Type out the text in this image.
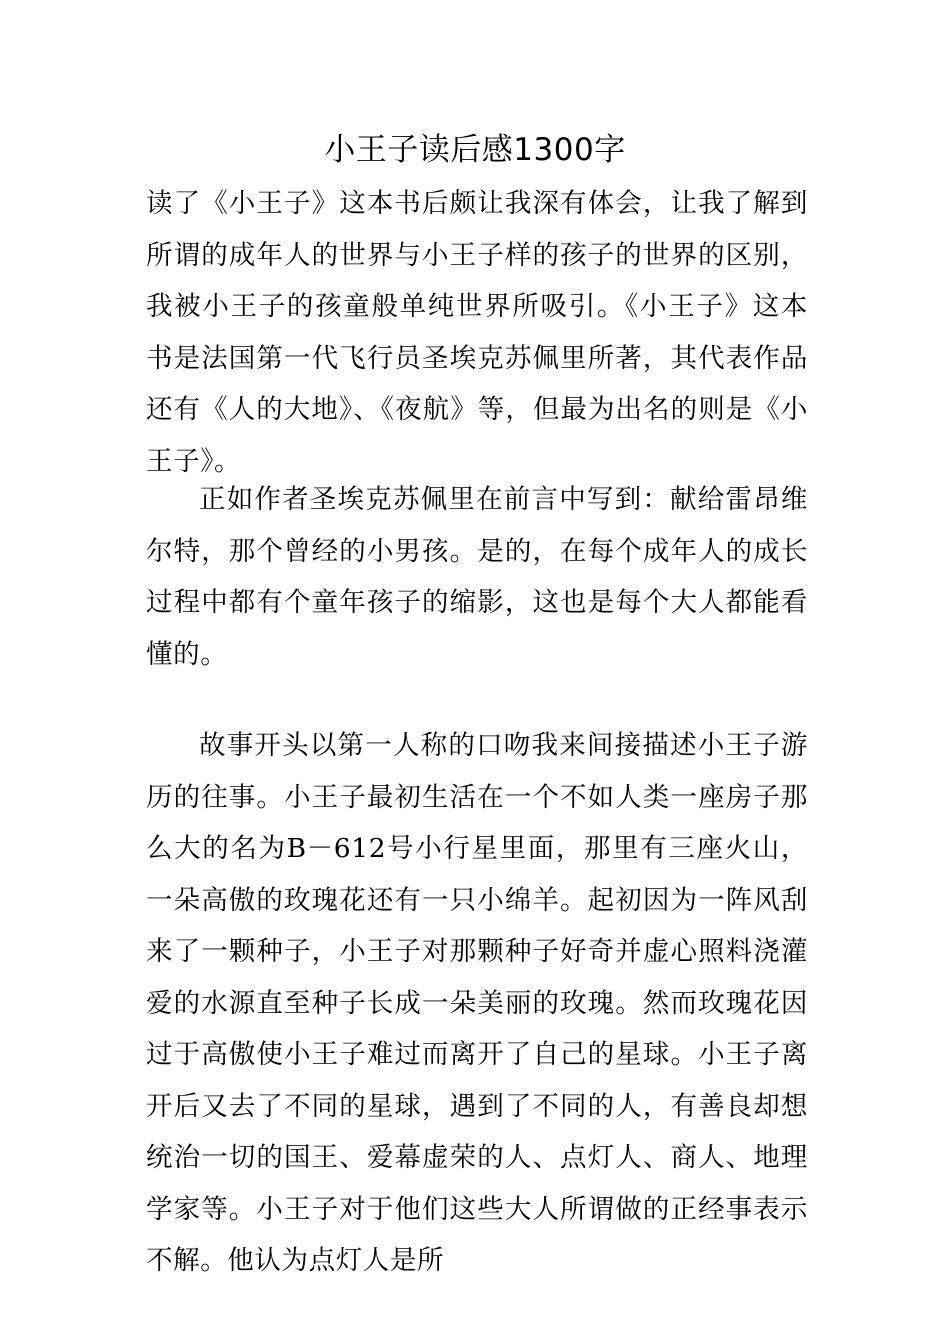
小王子读后感1300字

读了《小王子》这本书后颇让我深有体会，让我了解到所谓的成年人的世界与小王子样的孩子的世界的区别，我被小王子的孩童般单纯世界所吸引。《小王子》这本书是法国第一代飞行员圣埃克苏佩里所著，其代表作品还有《人的大地》、《夜航》等，但最为出名的则是《小王子》。

正如作者圣埃克苏佩里在前言中写到：献给雷昂维尔特，那个曾经的小男孩。是的，在每个成年人的成长过程中都有个童年孩子的缩影，这也是每个大人都能看懂的。

故事开头以第一人称的口吻我来间接描述小王子游历的往事。小王子最初生活在一个不如人类一座房子那么大的名为B－612号小行星里面，那里有三座火山，一朵高傲的玫瑰花还有一只小绵羊。起初因为一阵风刮来了一颗种子，小王子对那颗种子好奇并虚心照料浇灌爱的水源直至种子长成一朵美丽的玫瑰。然而玫瑰花因过于高傲使小王子难过而离开了自己的星球。小王子离开后又去了不同的星球，遇到了不同的人，有善良却想统治一切的国王、爱幕虚荣的人、点灯人、商人、地理学家等。小王子对于他们这些大人所谓做的正经事表示不解。他认为点灯人是所
